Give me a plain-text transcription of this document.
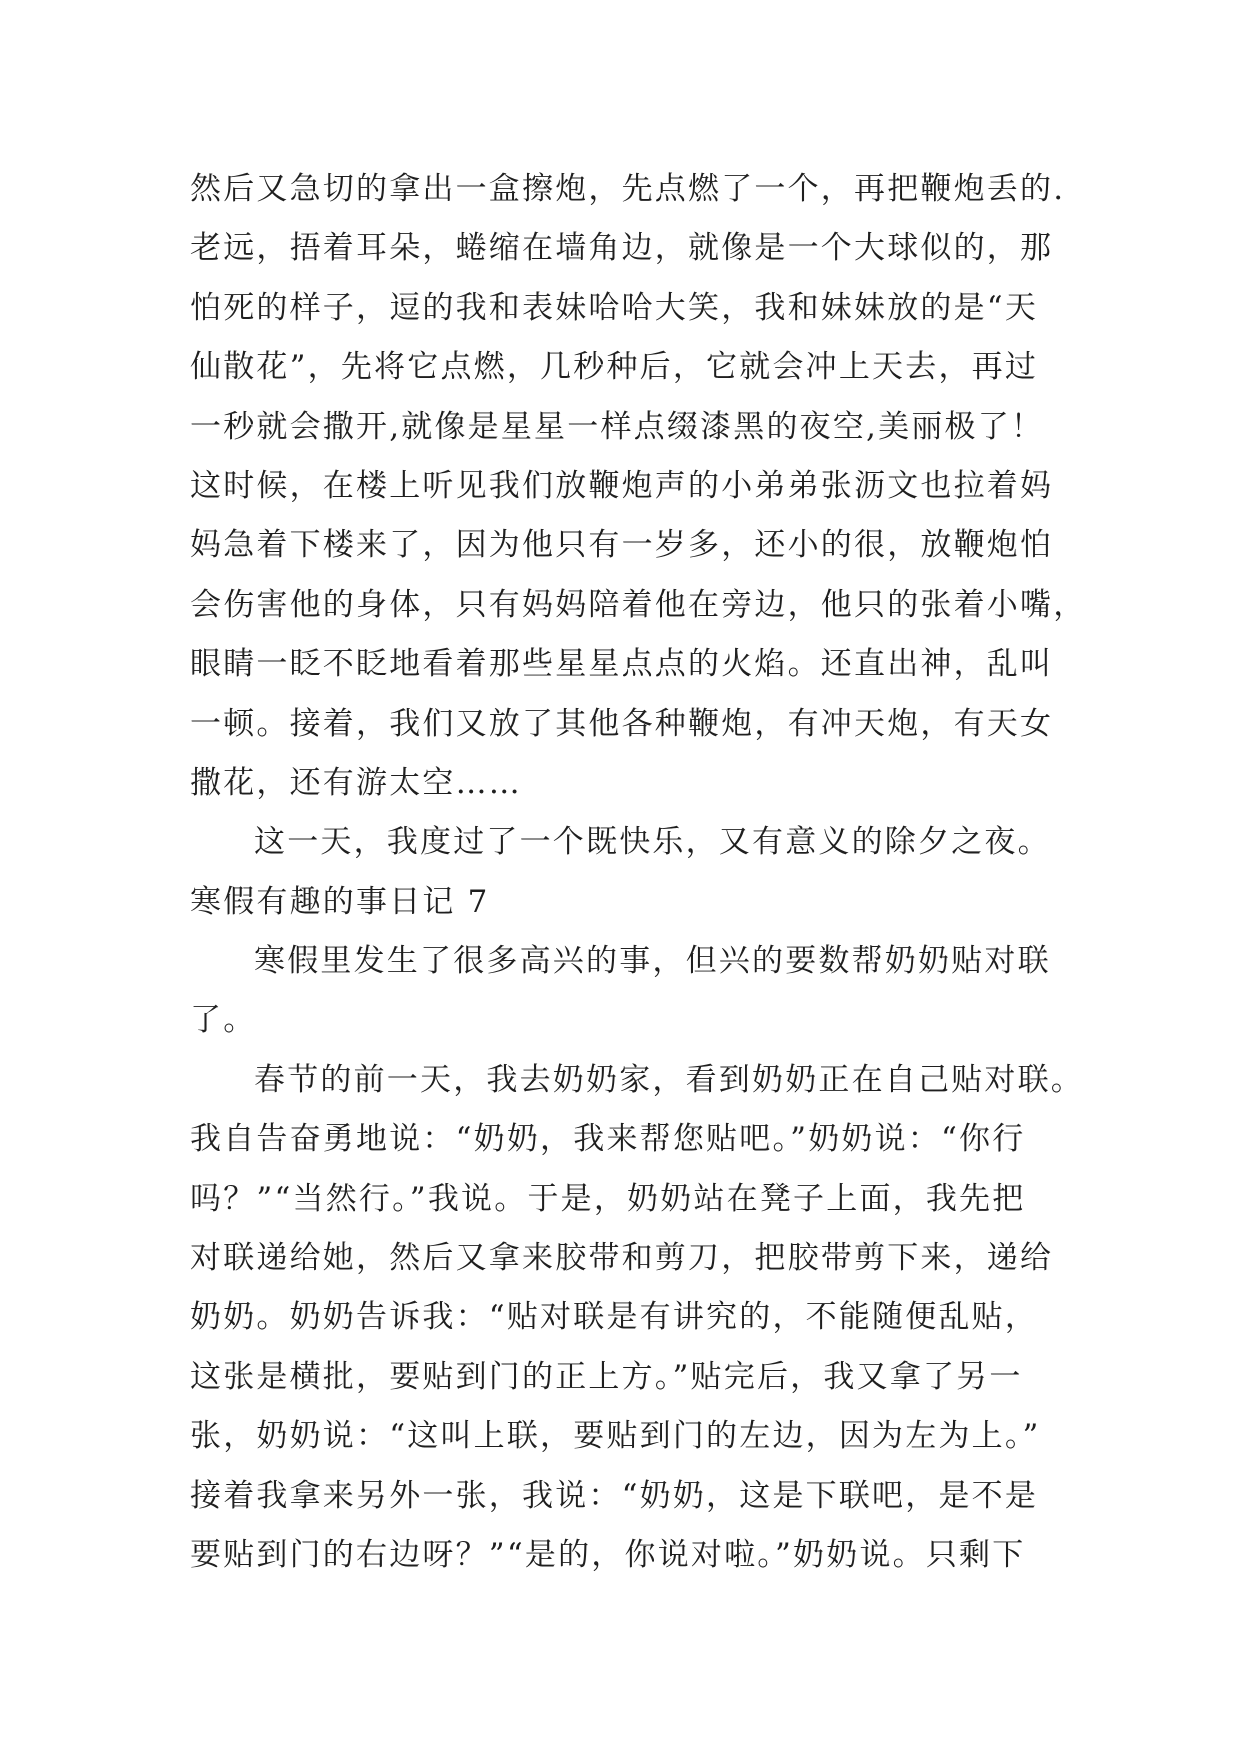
然后又急切的拿出一盒擦炮，先点燃了一个，再把鞭炮丢的.
老远，捂着耳朵，蜷缩在墙角边，就像是一个大球似的，那
怕死的样子，逗的我和表妹哈哈大笑，我和妹妹放的是“天
仙散花”，先将它点燃，几秒种后，它就会冲上天去，再过
一秒就会撒开,就像是星星一样点缀漆黑的夜空,美丽极了！
这时候，在楼上听见我们放鞭炮声的小弟弟张沥文也拉着妈
妈急着下楼来了，因为他只有一岁多，还小的很，放鞭炮怕
会伤害他的身体，只有妈妈陪着他在旁边，他只的张着小嘴，
眼睛一眨不眨地看着那些星星点点的火焰。还直出神，乱叫
一顿。接着，我们又放了其他各种鞭炮，有冲天炮，有天女
撒花，还有游太空……
这一天，我度过了一个既快乐，又有意义的除夕之夜。
寒假有趣的事日记 7
寒假里发生了很多高兴的事，但兴的要数帮奶奶贴对联
了。
春节的前一天，我去奶奶家，看到奶奶正在自己贴对联。
我自告奋勇地说：“奶奶，我来帮您贴吧。”奶奶说：“你行
吗？”“当然行。”我说。于是，奶奶站在凳子上面，我先把
对联递给她，然后又拿来胶带和剪刀，把胶带剪下来，递给
奶奶。奶奶告诉我：“贴对联是有讲究的，不能随便乱贴，
这张是横批，要贴到门的正上方。”贴完后，我又拿了另一
张，奶奶说：“这叫上联，要贴到门的左边，因为左为上。”
接着我拿来另外一张，我说：“奶奶，这是下联吧，是不是
要贴到门的右边呀？”“是的，你说对啦。”奶奶说。只剩下
